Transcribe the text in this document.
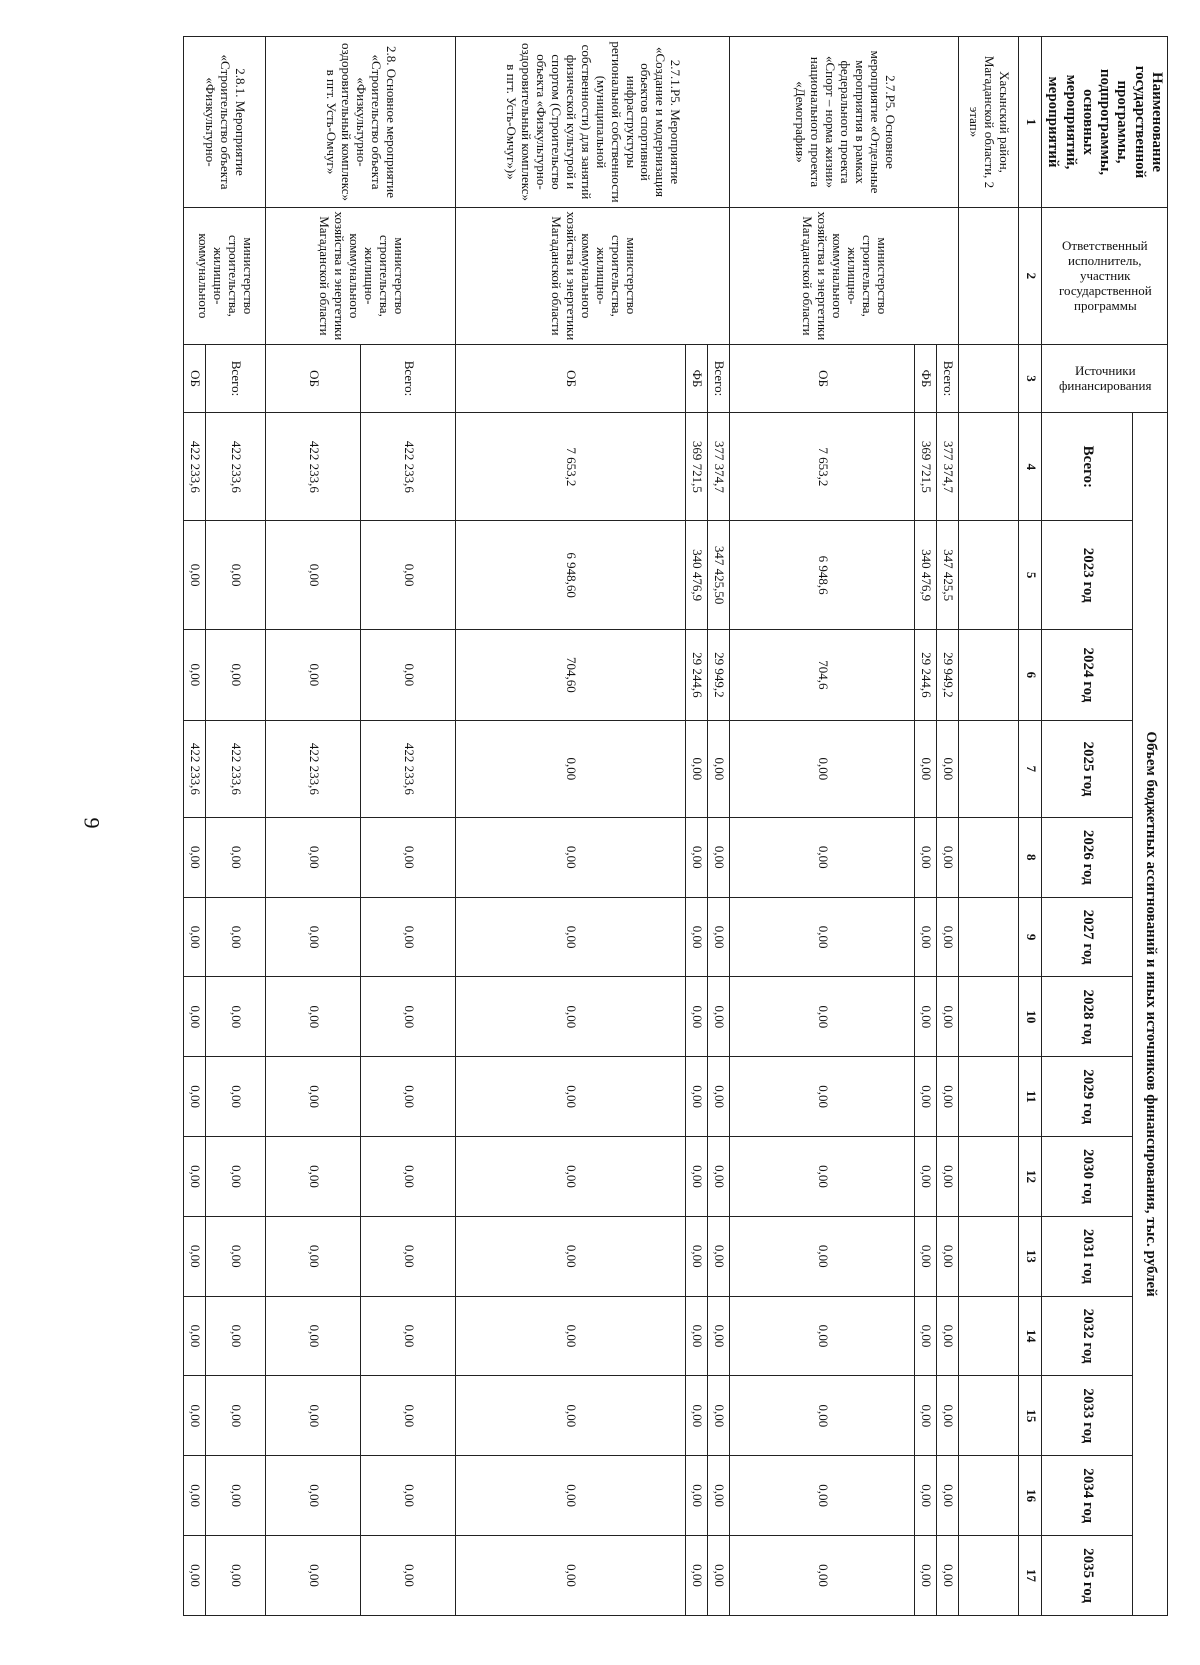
9
Наименование государственной программы, подпрограммы, основных мероприятий, мероприятий	Ответственный исполнитель, участник государственной программы	Источники финансирования	Объем бюджетных ассигнований и иных источников финансирования, тыс. рублей													
			Всего:	2023 год	2024 год	2025 год	2026 год	2027 год	2028 год	2029 год	2030 год	2031 год	2032 год	2033 год	2034 год	2035 год
1	2	3	4	5	6	7	8	9	10	11	12	13	14	15	16	17
Хасынский район, Магаданской области, 2 этап»																
2.7.Р5. Основное мероприятие «Отдельные мероприятия в рамках федерального проекта «Спорт – норма жизни» национального проекта «Демография»	министерство строительства, жилищно-коммунального хозяйства и энергетики Магаданской области	Всего:	377 374,7	347 425,5	29 949,2	0,00	0,00	0,00	0,00	0,00	0,00	0,00	0,00	0,00	0,00	0,00
		ФБ	369 721,5	340 476,9	29 244,6	0,00	0,00	0,00	0,00	0,00	0,00	0,00	0,00	0,00	0,00	0,00
		ОБ	7 653,2	6 948,6	704,6	0,00	0,00	0,00	0,00	0,00	0,00	0,00	0,00	0,00	0,00	0,00
2.7.1.Р5. Мероприятие «Создание и модернизация объектов спортивной инфраструктуры региональной собственности (муниципальной собственности) для занятий физической культурой и спортом (Строительство объекта «Физкультурно-оздоровительный комплекс» в пгт. Усть-Омчуг»)»	министерство строительства, жилищно-коммунального хозяйства и энергетики Магаданской области	Всего:	377 374,7	347 425,50	29 949,2	0,00	0,00	0,00	0,00	0,00	0,00	0,00	0,00	0,00	0,00	0,00
		ФБ	369 721,5	340 476,9	29 244,6	0,00	0,00	0,00	0,00	0,00	0,00	0,00	0,00	0,00	0,00	0,00
		ОБ	7 653,2	6 948,60	704,60	0,00	0,00	0,00	0,00	0,00	0,00	0,00	0,00	0,00	0,00	0,00
2.8. Основное мероприятие «Строительство объекта «Физкультурно-оздоровительный комплекс» в пгт. Усть-Омчуг»	министерство строительства, жилищно-коммунального хозяйства и энергетики Магаданской области	Всего:	422 233,6	0,00	0,00	422 233,6	0,00	0,00	0,00	0,00	0,00	0,00	0,00	0,00	0,00	0,00
		ОБ	422 233,6	0,00	0,00	422 233,6	0,00	0,00	0,00	0,00	0,00	0,00	0,00	0,00	0,00	0,00
2.8.1. Мероприятие «Строительство объекта «Физкультурно-	министерство строительства, жилищно-коммунального	Всего:	422 233,6	0,00	0,00	422 233,6	0,00	0,00	0,00	0,00	0,00	0,00	0,00	0,00	0,00	0,00
		ОБ	422 233,6	0,00	0,00	422 233,6	0,00	0,00	0,00	0,00	0,00	0,00	0,00	0,00	0,00	0,00
